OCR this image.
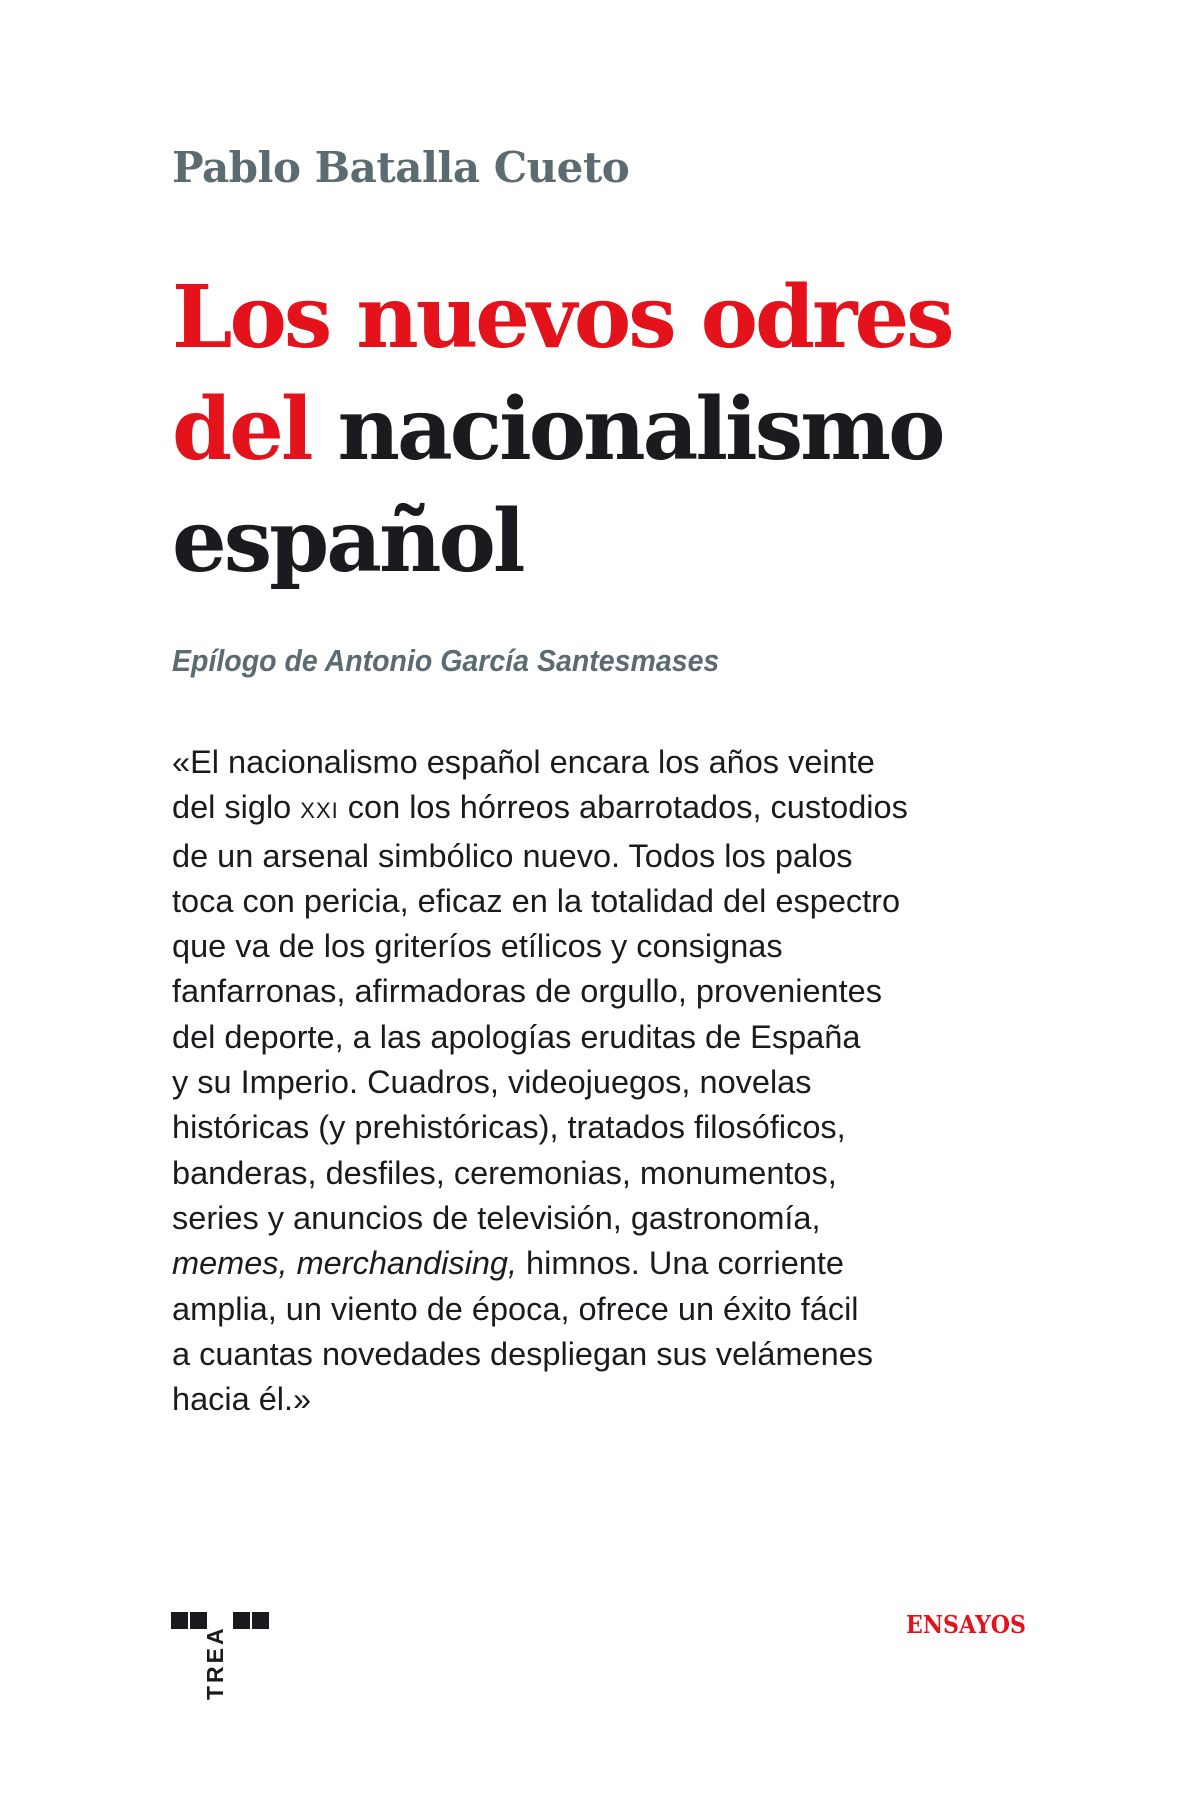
Pablo Batalla Cueto
Los nuevos odres
del nacionalismo
español
Epílogo de Antonio García Santesmases
«El nacionalismo español encara los años veinte
del siglo XXI con los hórreos abarrotados, custodios
de un arsenal simbólico nuevo. Todos los palos
toca con pericia, eficaz en la totalidad del espectro
que va de los griteríos etílicos y consignas
fanfarronas, afirmadoras de orgullo, provenientes
del deporte, a las apologías eruditas de España
y su Imperio. Cuadros, videojuegos, novelas
históricas (y prehistóricas), tratados filosóficos,
banderas, desfiles, ceremonias, monumentos,
series y anuncios de televisión, gastronomía,
memes, merchandising, himnos. Una corriente
amplia, un viento de época, ofrece un éxito fácil
a cuantas novedades despliegan sus velámenes
hacia él.»
TREA
ENSAYOS
